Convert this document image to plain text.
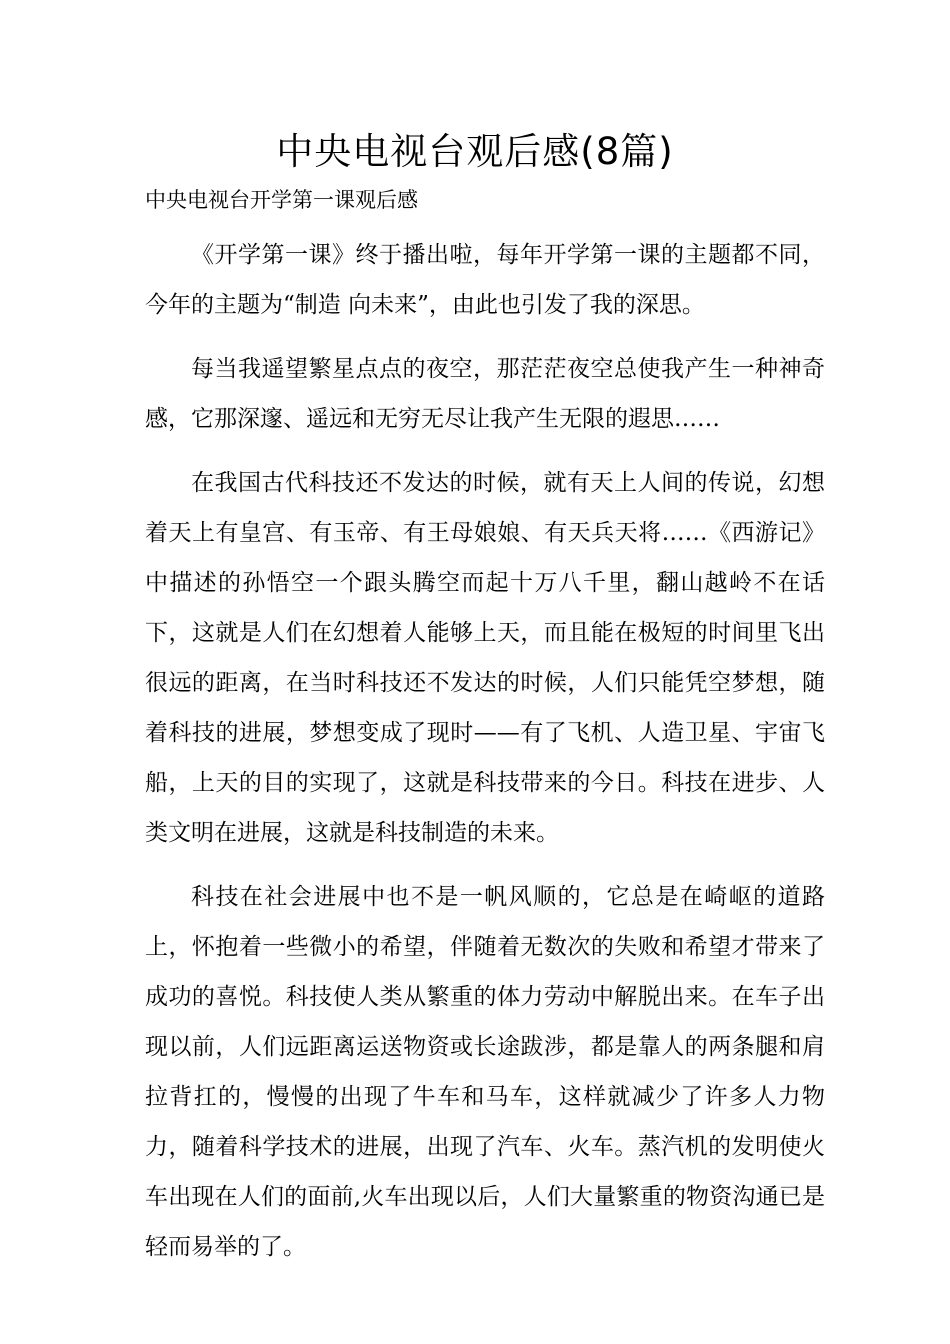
中央电视台观后感(8篇)

中央电视台开学第一课观后感

《开学第一课》终于播出啦，每年开学第一课的主题都不同，今年的主题为“制造 向未来”，由此也引发了我的深思。

每当我遥望繁星点点的夜空，那茫茫夜空总使我产生一种神奇感，它那深邃、遥远和无穷无尽让我产生无限的遐思……

在我国古代科技还不发达的时候，就有天上人间的传说，幻想着天上有皇宫、有玉帝、有王母娘娘、有天兵天将……《西游记》中描述的孙悟空一个跟头腾空而起十万八千里，翻山越岭不在话下，这就是人们在幻想着人能够上天，而且能在极短的时间里飞出很远的距离，在当时科技还不发达的时候，人们只能凭空梦想，随着科技的进展，梦想变成了现时——有了飞机、人造卫星、宇宙飞船，上天的目的实现了，这就是科技带来的今日。科技在进步、人类文明在进展，这就是科技制造的未来。

科技在社会进展中也不是一帆风顺的，它总是在崎岖的道路上，怀抱着一些微小的希望，伴随着无数次的失败和希望才带来了成功的喜悦。科技使人类从繁重的体力劳动中解脱出来。在车子出现以前，人们远距离运送物资或长途跋涉，都是靠人的两条腿和肩拉背扛的，慢慢的出现了牛车和马车，这样就减少了许多人力物力，随着科学技术的进展，出现了汽车、火车。蒸汽机的发明使火车出现在人们的面前,火车出现以后，人们大量繁重的物资沟通已是轻而易举的了。
